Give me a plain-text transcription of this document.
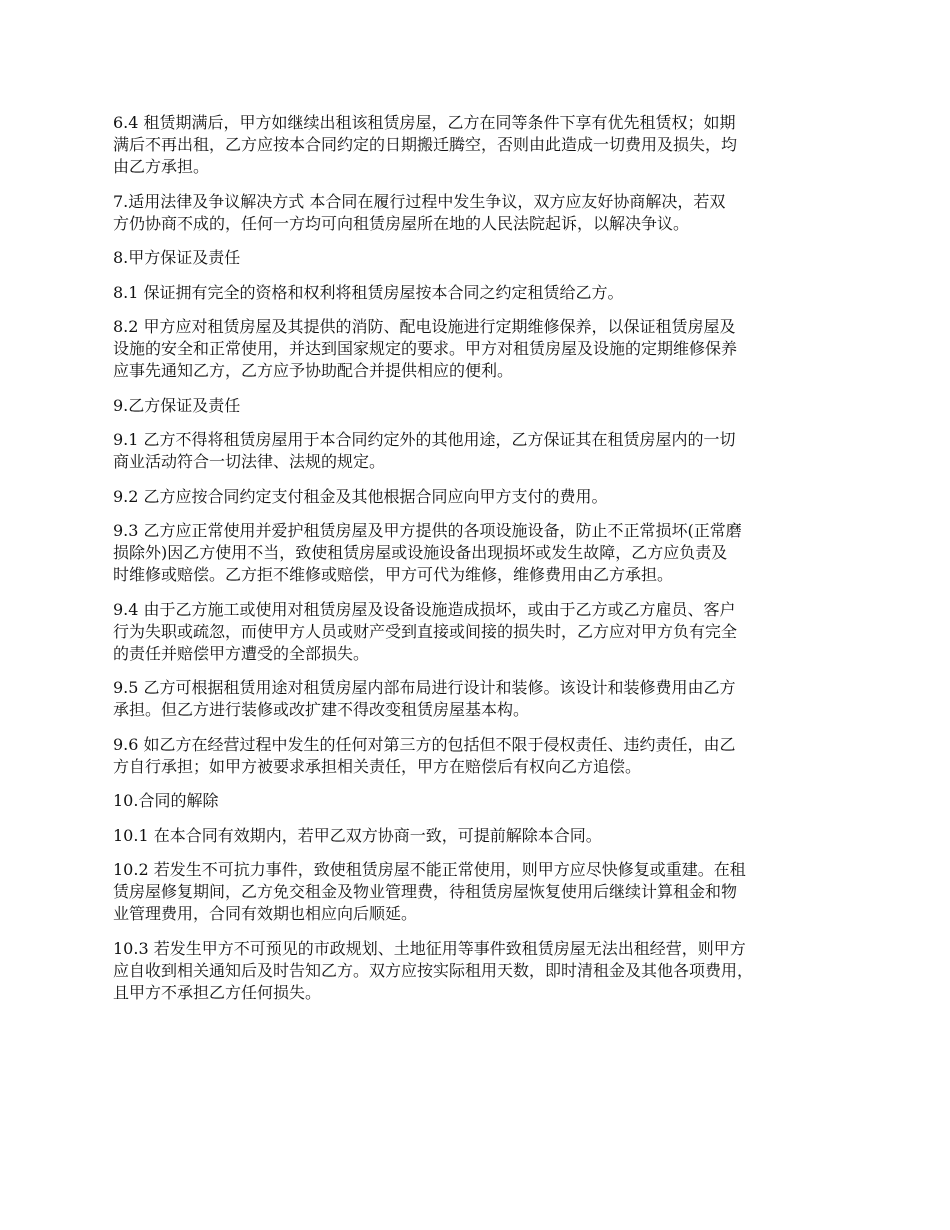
6.4 租赁期满后，甲方如继续出租该租赁房屋，乙方在同等条件下享有优先租赁权；如期
满后不再出租，乙方应按本合同约定的日期搬迁腾空，否则由此造成一切费用及损失，均
由乙方承担。

7.适用法律及争议解决方式 本合同在履行过程中发生争议，双方应友好协商解决，若双
方仍协商不成的，任何一方均可向租赁房屋所在地的人民法院起诉，以解决争议。

8.甲方保证及责任

8.1 保证拥有完全的资格和权利将租赁房屋按本合同之约定租赁给乙方。

8.2 甲方应对租赁房屋及其提供的消防、配电设施进行定期维修保养，以保证租赁房屋及
设施的安全和正常使用，并达到国家规定的要求。甲方对租赁房屋及设施的定期维修保养
应事先通知乙方，乙方应予协助配合并提供相应的便利。

9.乙方保证及责任

9.1 乙方不得将租赁房屋用于本合同约定外的其他用途，乙方保证其在租赁房屋内的一切
商业活动符合一切法律、法规的规定。

9.2 乙方应按合同约定支付租金及其他根据合同应向甲方支付的费用。

9.3 乙方应正常使用并爱护租赁房屋及甲方提供的各项设施设备，防止不正常损坏(正常磨
损除外)因乙方使用不当，致使租赁房屋或设施设备出现损坏或发生故障，乙方应负责及
时维修或赔偿。乙方拒不维修或赔偿，甲方可代为维修，维修费用由乙方承担。

9.4 由于乙方施工或使用对租赁房屋及设备设施造成损坏，或由于乙方或乙方雇员、客户
行为失职或疏忽，而使甲方人员或财产受到直接或间接的损失时，乙方应对甲方负有完全
的责任并赔偿甲方遭受的全部损失。

9.5 乙方可根据租赁用途对租赁房屋内部布局进行设计和装修。该设计和装修费用由乙方
承担。但乙方进行装修或改扩建不得改变租赁房屋基本构。

9.6 如乙方在经营过程中发生的任何对第三方的包括但不限于侵权责任、违约责任，由乙
方自行承担；如甲方被要求承担相关责任，甲方在赔偿后有权向乙方追偿。

10.合同的解除

10.1 在本合同有效期内，若甲乙双方协商一致，可提前解除本合同。

10.2 若发生不可抗力事件，致使租赁房屋不能正常使用，则甲方应尽快修复或重建。在租
赁房屋修复期间，乙方免交租金及物业管理费，待租赁房屋恢复使用后继续计算租金和物
业管理费用，合同有效期也相应向后顺延。

10.3 若发生甲方不可预见的市政规划、土地征用等事件致租赁房屋无法出租经营，则甲方
应自收到相关通知后及时告知乙方。双方应按实际租用天数，即时清租金及其他各项费用，
且甲方不承担乙方任何损失。
